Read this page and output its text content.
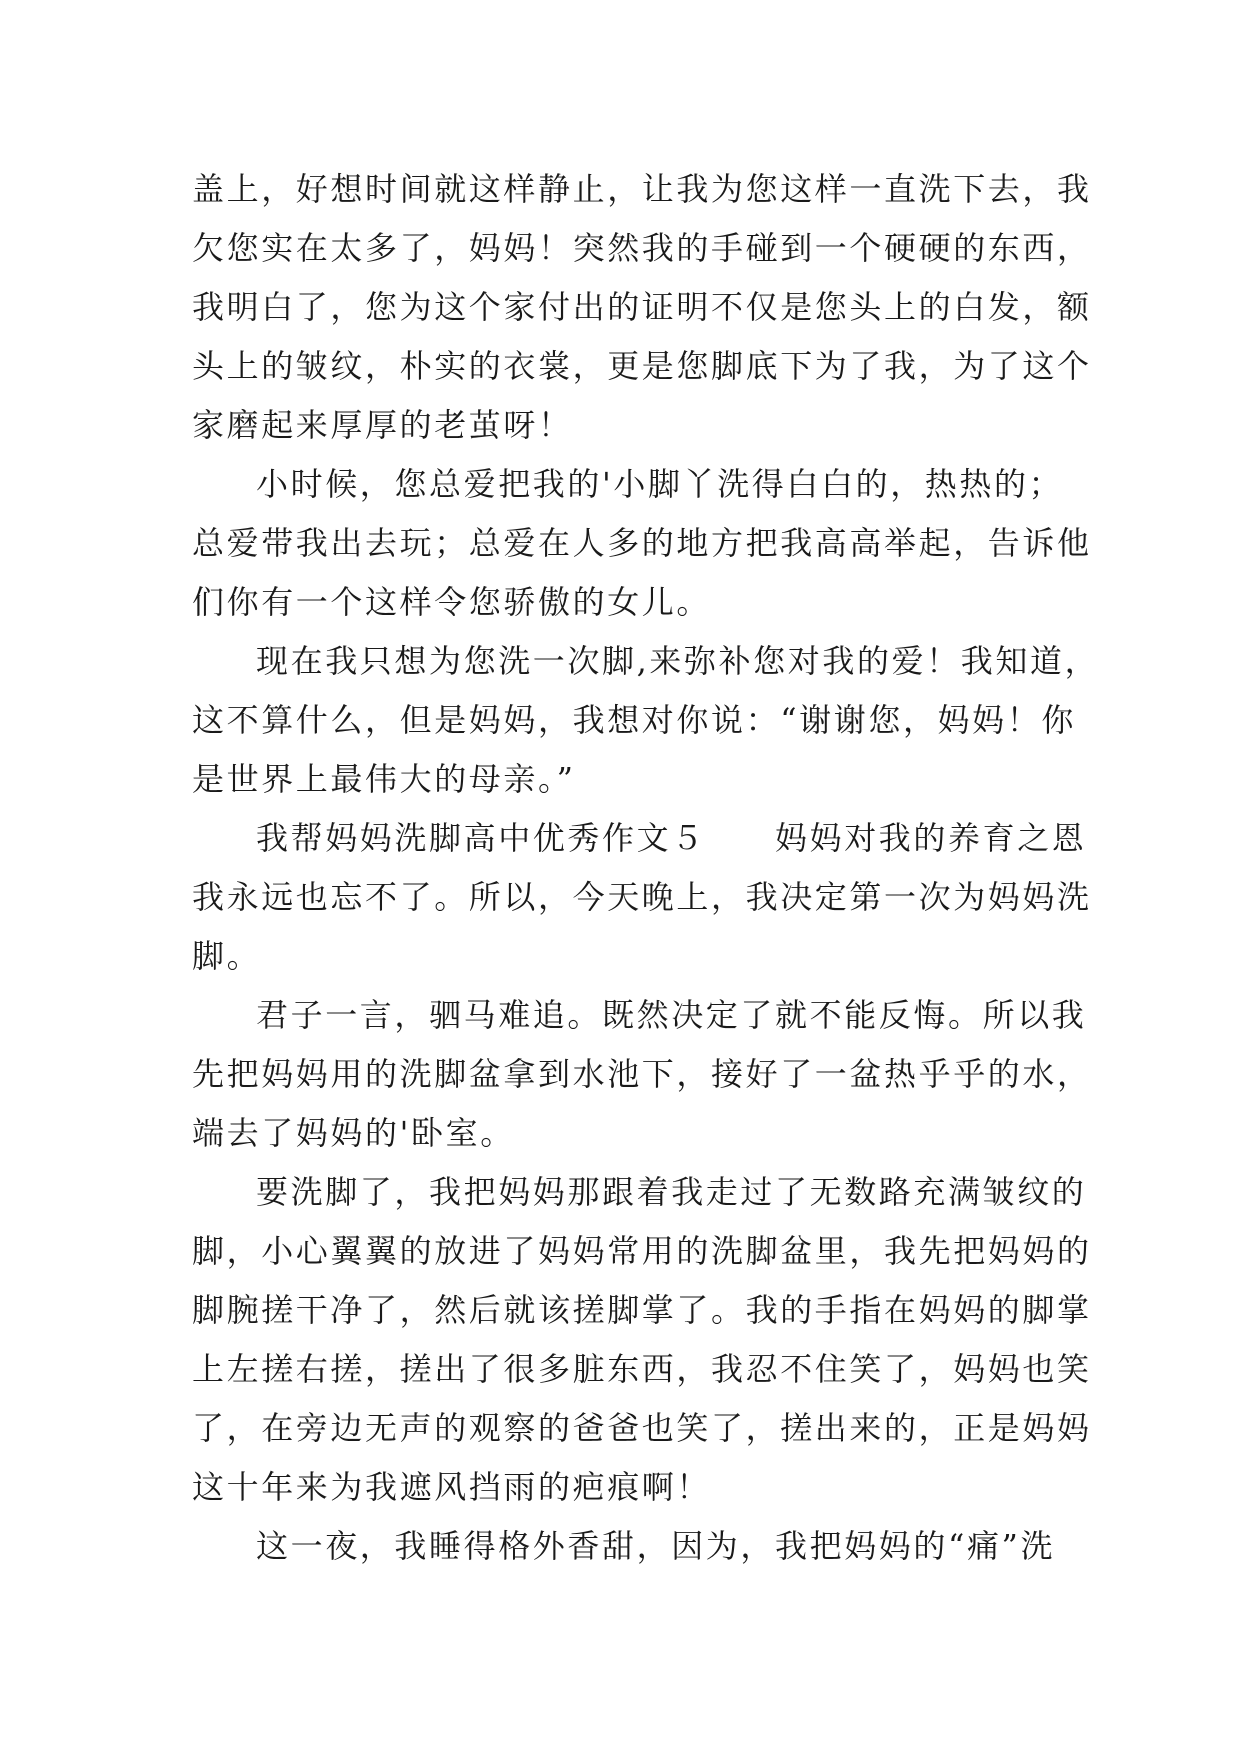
盖上，好想时间就这样静止，让我为您这样一直洗下去，我
欠您实在太多了，妈妈！突然我的手碰到一个硬硬的东西，
我明白了，您为这个家付出的证明不仅是您头上的白发，额
头上的皱纹，朴实的衣裳，更是您脚底下为了我，为了这个
家磨起来厚厚的老茧呀！
小时候，您总爱把我的'小脚丫洗得白白的，热热的；
总爱带我出去玩；总爱在人多的地方把我高高举起，告诉他
们你有一个这样令您骄傲的女儿。
现在我只想为您洗一次脚,来弥补您对我的爱！我知道，
这不算什么，但是妈妈，我想对你说：“谢谢您，妈妈！你
是世界上最伟大的母亲。”
我帮妈妈洗脚高中优秀作文５　　妈妈对我的养育之恩
我永远也忘不了。所以，今天晚上，我决定第一次为妈妈洗
脚。
君子一言，驷马难追。既然决定了就不能反悔。所以我
先把妈妈用的洗脚盆拿到水池下，接好了一盆热乎乎的水，
端去了妈妈的'卧室。
要洗脚了，我把妈妈那跟着我走过了无数路充满皱纹的
脚，小心翼翼的放进了妈妈常用的洗脚盆里，我先把妈妈的
脚腕搓干净了，然后就该搓脚掌了。我的手指在妈妈的脚掌
上左搓右搓，搓出了很多脏东西，我忍不住笑了，妈妈也笑
了，在旁边无声的观察的爸爸也笑了，搓出来的，正是妈妈
这十年来为我遮风挡雨的疤痕啊！
这一夜，我睡得格外香甜，因为，我把妈妈的“痛”洗
